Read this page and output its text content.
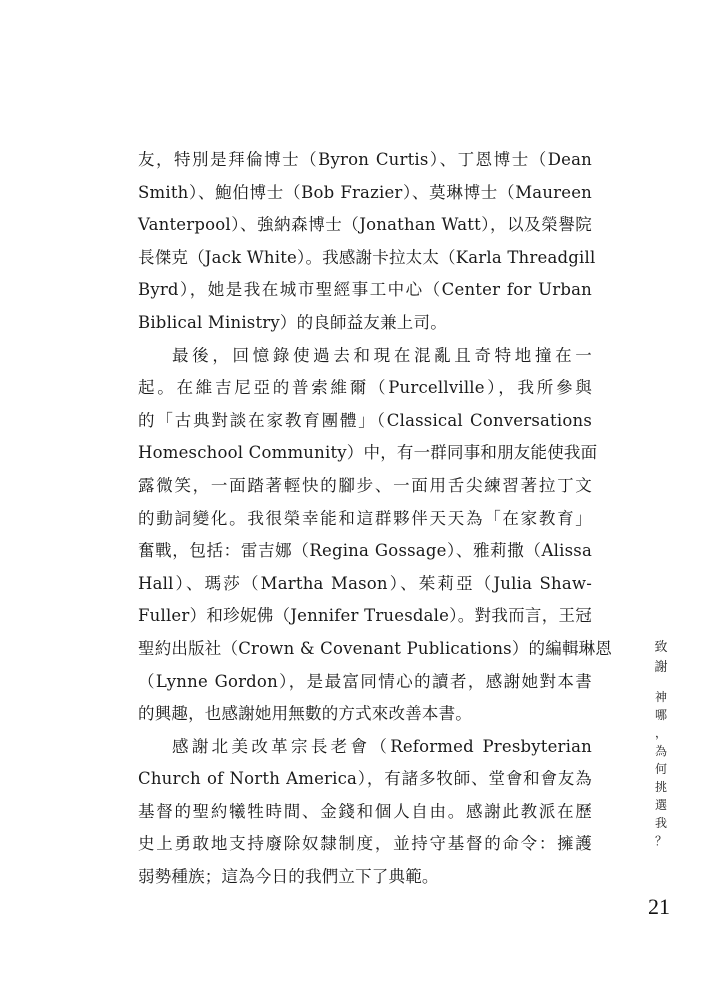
友，特別是拜倫博士（Byron Curtis）、丁恩博士（Dean
Smith）、鮑伯博士（Bob Frazier）、莫琳博士（Maureen
Vanterpool）、強納森博士（Jonathan Watt），以及榮譽院
長傑克（Jack White）。我感謝卡拉太太（Karla Threadgill
Byrd），她是我在城市聖經事工中心（Center for Urban
Biblical Ministry）的良師益友兼上司。
最後，回憶錄使過去和現在混亂且奇特地撞在一
起。在維吉尼亞的普索維爾（Purcellville），我所參與
的「古典對談在家教育團體」（Classical Conversations
Homeschool Community）中，有一群同事和朋友能使我面
露微笑，一面踏著輕快的腳步、一面用舌尖練習著拉丁文
的動詞變化。我很榮幸能和這群夥伴天天為「在家教育」
奮戰，包括：雷吉娜（Regina Gossage）、雅莉撒（Alissa
Hall）、瑪莎（Martha Mason）、茱莉亞（Julia Shaw-
Fuller）和珍妮佛（Jennifer Truesdale）。對我而言，王冠
聖約出版社（Crown & Covenant Publications）的編輯琳恩
（Lynne Gordon），是最富同情心的讀者，感謝她對本書
的興趣，也感謝她用無數的方式來改善本書。
感謝北美改革宗長老會（Reformed Presbyterian
Church of North America），有諸多牧師、堂會和會友為
基督的聖約犧牲時間、金錢和個人自由。感謝此教派在歷
史上勇敢地支持廢除奴隸制度，並持守基督的命令：擁護
弱勢種族；這為今日的我們立下了典範。
致
謝
神
哪
，
為
何
挑
選
我
？
21
